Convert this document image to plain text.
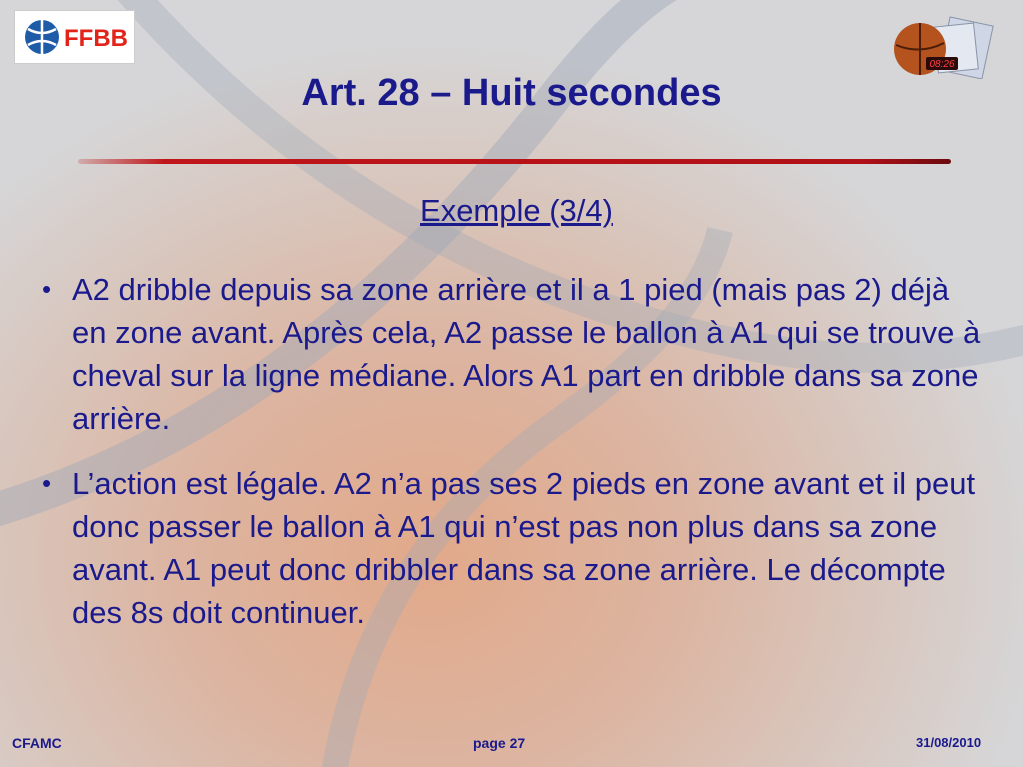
FFBB
08:26
Art. 28 – Huit secondes
Exemple (3/4)
• A2 dribble depuis sa zone arrière et il a 1 pied (mais pas 2) déjà en zone avant. Après cela, A2 passe le ballon à A1 qui se trouve à cheval sur la ligne médiane. Alors A1 part en dribble dans sa zone arrière.
• L’action est légale. A2 n’a pas ses 2 pieds en zone avant et il peut donc passer le ballon à A1 qui n’est pas non plus dans sa zone avant. A1 peut donc dribbler dans sa zone arrière. Le décompte des 8s doit continuer.
CFAMC	page 27	31/08/2010
